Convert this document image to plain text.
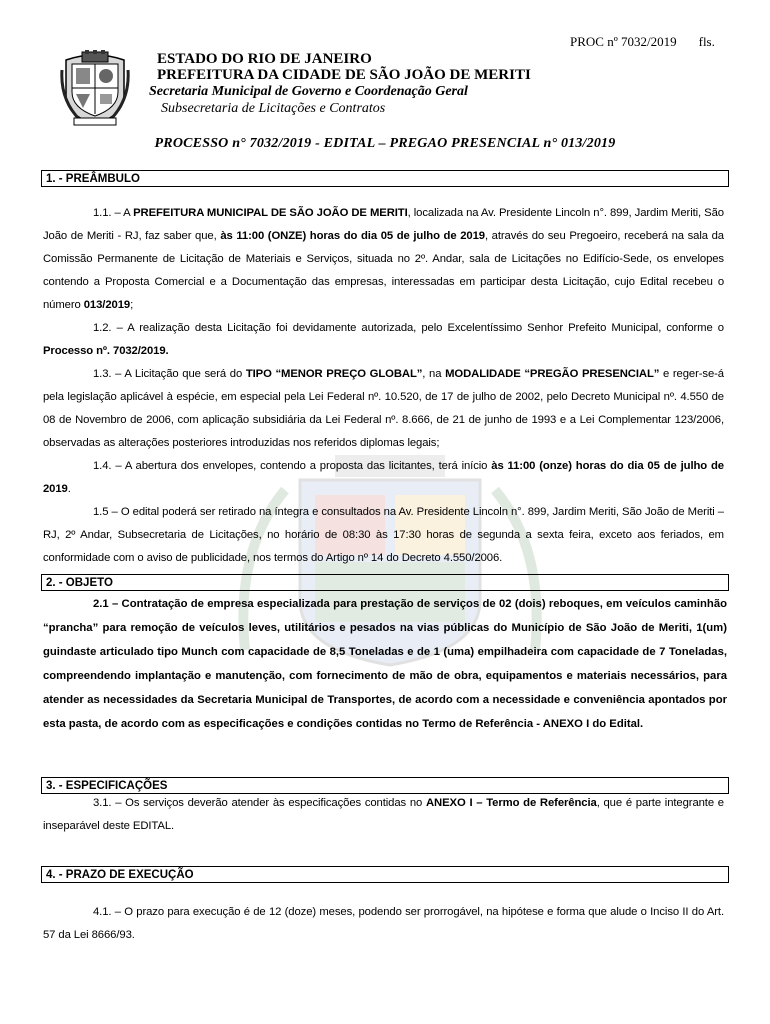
PROC nº 7032/2019 fls.
ESTADO DO RIO DE JANEIRO
PREFEITURA DA CIDADE DE SÃO JOÃO DE MERITI
Secretaria Municipal de Governo e Coordenação Geral
Subsecretaria de Licitações e Contratos
PROCESSO n° 7032/2019 - EDITAL – PREGAO PRESENCIAL n° 013/2019
1. - PREÂMBULO
1.1. – A PREFEITURA MUNICIPAL DE SÃO JOÃO DE MERITI, localizada na Av. Presidente Lincoln n°. 899, Jardim Meriti, São João de Meriti - RJ, faz saber que, às 11:00 (ONZE) horas do dia 05 de julho de 2019, através do seu Pregoeiro, receberá na sala da Comissão Permanente de Licitação de Materiais e Serviços, situada no 2º. Andar, sala de Licitações no Edifício-Sede, os envelopes contendo a Proposta Comercial e a Documentação das empresas, interessadas em participar desta Licitação, cujo Edital recebeu o número 013/2019;
1.2. – A realização desta Licitação foi devidamente autorizada, pelo Excelentíssimo Senhor Prefeito Municipal, conforme o Processo nº. 7032/2019.
1.3. – A Licitação que será do TIPO “MENOR PREÇO GLOBAL”, na MODALIDADE “PREGÃO PRESENCIAL” e reger-se-á pela legislação aplicável à espécie, em especial pela Lei Federal nº. 10.520, de 17 de julho de 2002, pelo Decreto Municipal nº. 4.550 de 08 de Novembro de 2006, com aplicação subsidiária da Lei Federal nº. 8.666, de 21 de junho de 1993 e a Lei Complementar 123/2006, observadas as alterações posteriores introduzidas nos referidos diplomas legais;
1.4. – A abertura dos envelopes, contendo a proposta das licitantes, terá início às 11:00 (onze) horas do dia 05 de julho de 2019.
1.5 – O edital poderá ser retirado na íntegra e consultados na Av. Presidente Lincoln n°. 899, Jardim Meriti, São João de Meriti – RJ, 2º Andar, Subsecretaria de Licitações, no horário de 08:30 às 17:30 horas de segunda a sexta feira, exceto aos feriados, em conformidade com o aviso de publicidade, nos termos do Artigo nº 14 do Decreto 4.550/2006.
2. - OBJETO
2.1 – Contratação de empresa especializada para prestação de serviços de 02 (dois) reboques, em veículos caminhão “prancha” para remoção de veículos leves, utilitários e pesados na vias públicas do Município de São João de Meriti, 1(um) guindaste articulado tipo Munch com capacidade de 8,5 Toneladas e de 1 (uma) empilhadeira com capacidade de 7 Toneladas, compreendendo implantação e manutenção, com fornecimento de mão de obra, equipamentos e materiais necessários, para atender as necessidades da Secretaria Municipal de Transportes, de acordo com a necessidade e conveniência apontados por esta pasta, de acordo com as especificações e condições contidas no Termo de Referência - ANEXO I do Edital.
3. - ESPECIFICAÇÕES
3.1. – Os serviços deverão atender às especificações contidas no ANEXO I – Termo de Referência, que é parte integrante e inseparável deste EDITAL.
4. - PRAZO DE EXECUÇÃO
4.1. – O prazo para execução é de 12 (doze) meses, podendo ser prorrogável, na hipótese e forma que alude o Inciso II do Art. 57 da Lei 8666/93.
